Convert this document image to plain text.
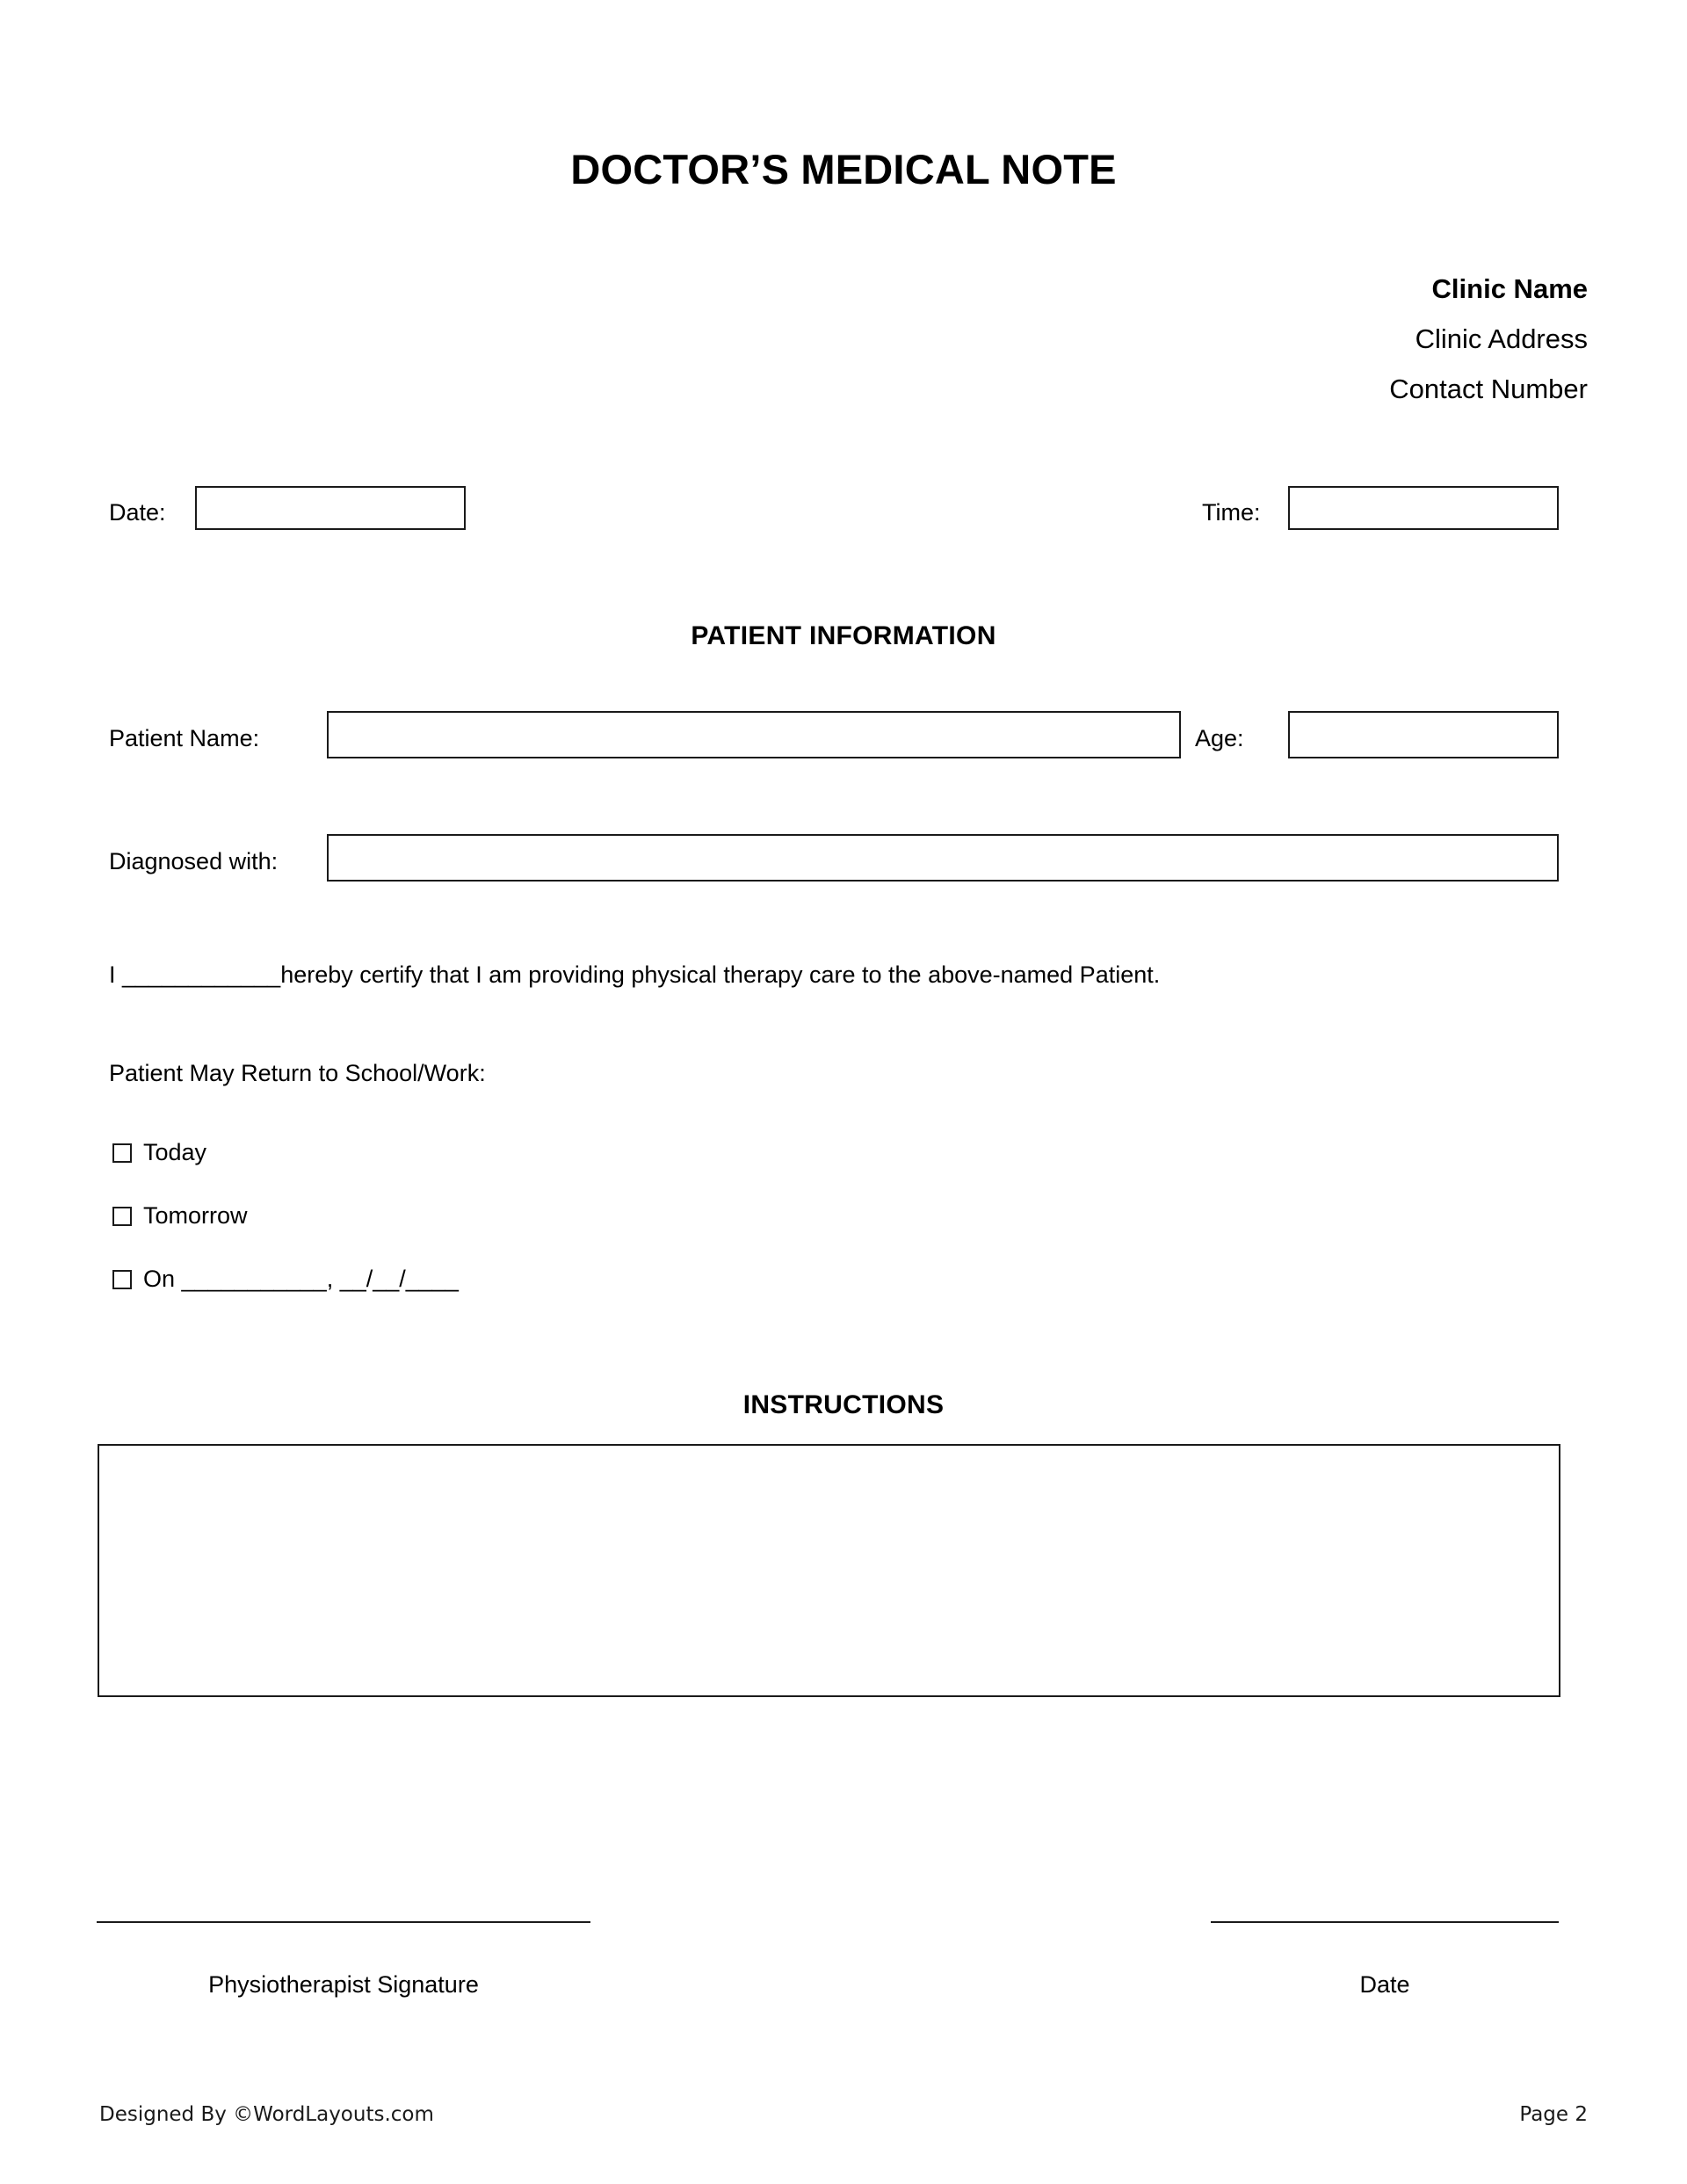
DOCTOR’S MEDICAL NOTE
Clinic Name
Clinic Address
Contact Number
Date:	Time:
PATIENT INFORMATION
Patient Name:	Age:
Diagnosed with:
I ____________hereby certify that I am providing physical therapy care to the above-named Patient.
Patient May Return to School/Work:
Today
Tomorrow
On ___________, __/__/____
INSTRUCTIONS
Physiotherapist Signature	Date
Designed By ©WordLayouts.com	Page 2
